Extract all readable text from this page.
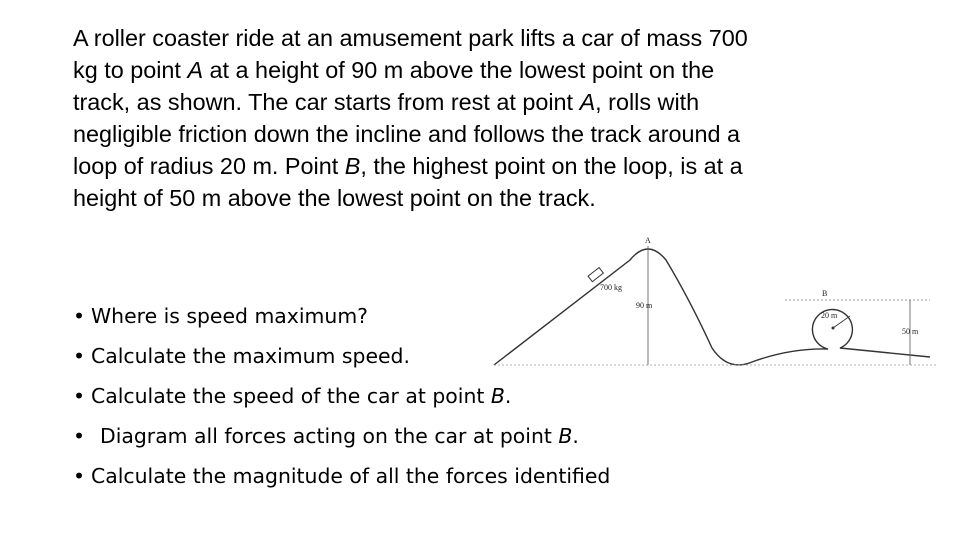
A roller coaster ride at an amusement park lifts a car of mass 700
kg to point A at a height of 90 m above the lowest point on the
track, as shown. The car starts from rest at point A, rolls with
negligible friction down the incline and follows the track around a
loop of radius 20 m. Point B, the highest point on the loop, is at a
height of 50 m above the lowest point on the track.
• Where is speed maximum?
• Calculate the maximum speed.
• Calculate the speed of the car at point B.
• Diagram all forces acting on the car at point B.
• Calculate the magnitude of all the forces identified
A
700 kg
90 m
B
20 m
50 m
